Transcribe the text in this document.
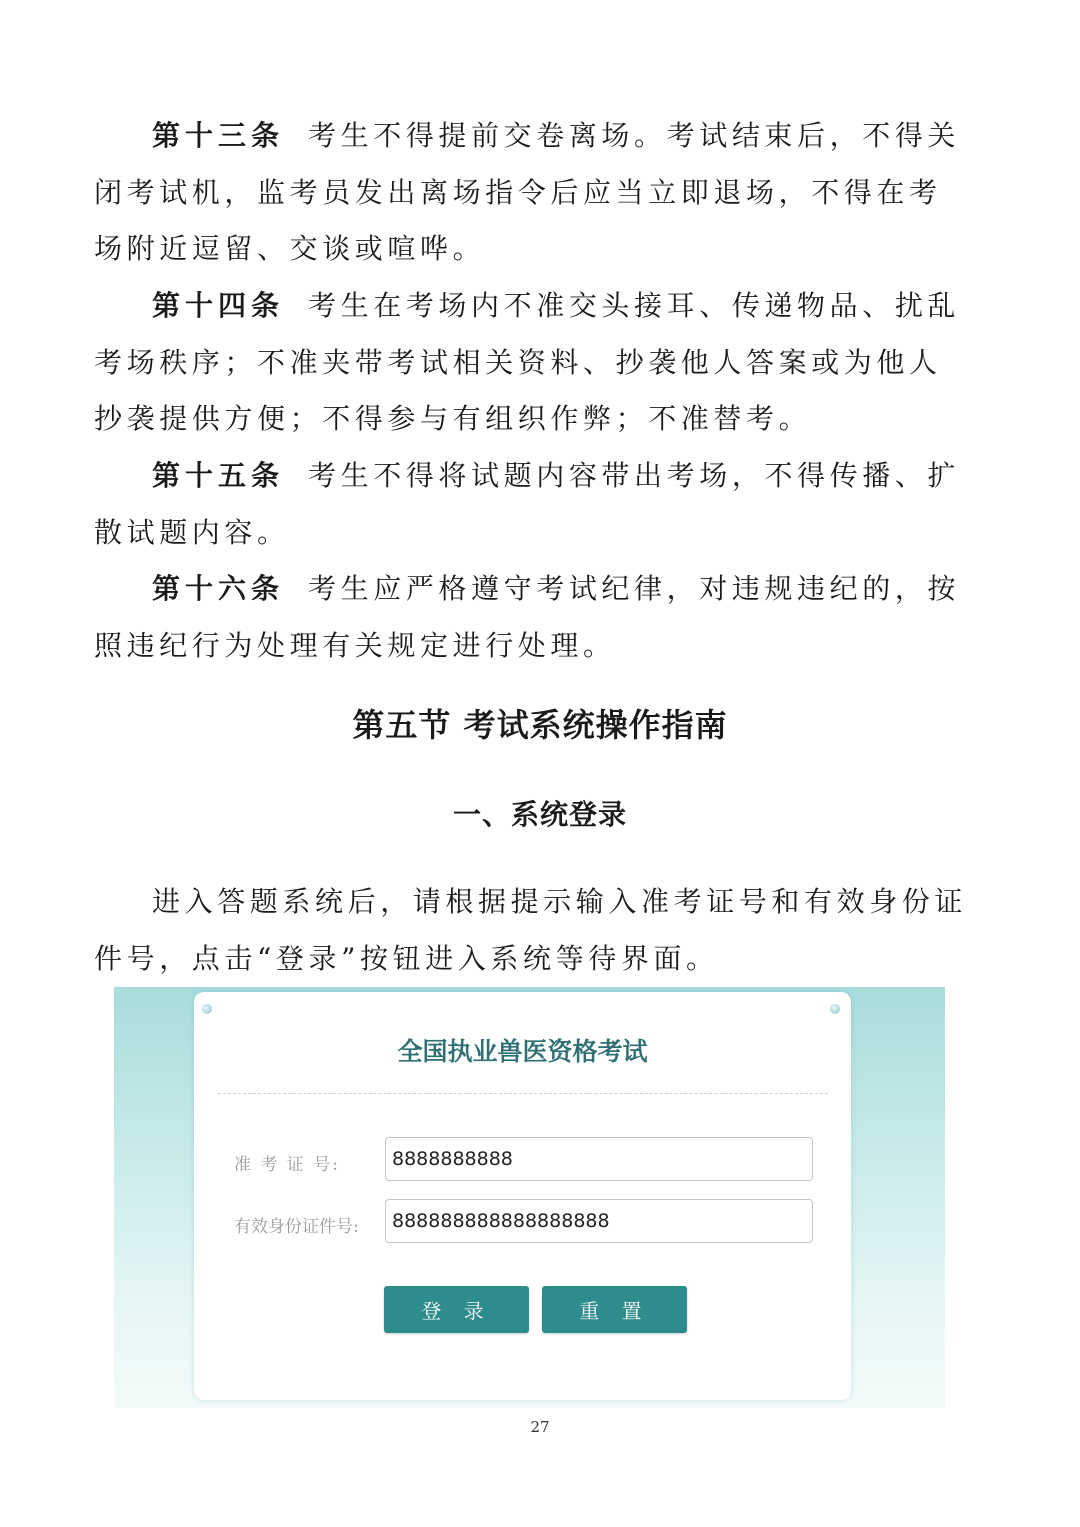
第十三条 考生不得提前交卷离场。考试结束后，不得关闭考试机，监考员发出离场指令后应当立即退场，不得在考场附近逗留、交谈或喧哗。

第十四条 考生在考场内不准交头接耳、传递物品、扰乱考场秩序；不准夹带考试相关资料、抄袭他人答案或为他人抄袭提供方便；不得参与有组织作弊；不准替考。

第十五条 考生不得将试题内容带出考场，不得传播、扩散试题内容。

第十六条 考生应严格遵守考试纪律，对违规违纪的，按照违纪行为处理有关规定进行处理。

第五节 考试系统操作指南
一、系统登录

进入答题系统后，请根据提示输入准考证号和有效身份证件号，点击“登录”按钮进入系统等待界面。

全国执业兽医资格考试
准 考 证 号:	8888888888
有效身份证件号:	888888888888888888
登 录	重 置

27
